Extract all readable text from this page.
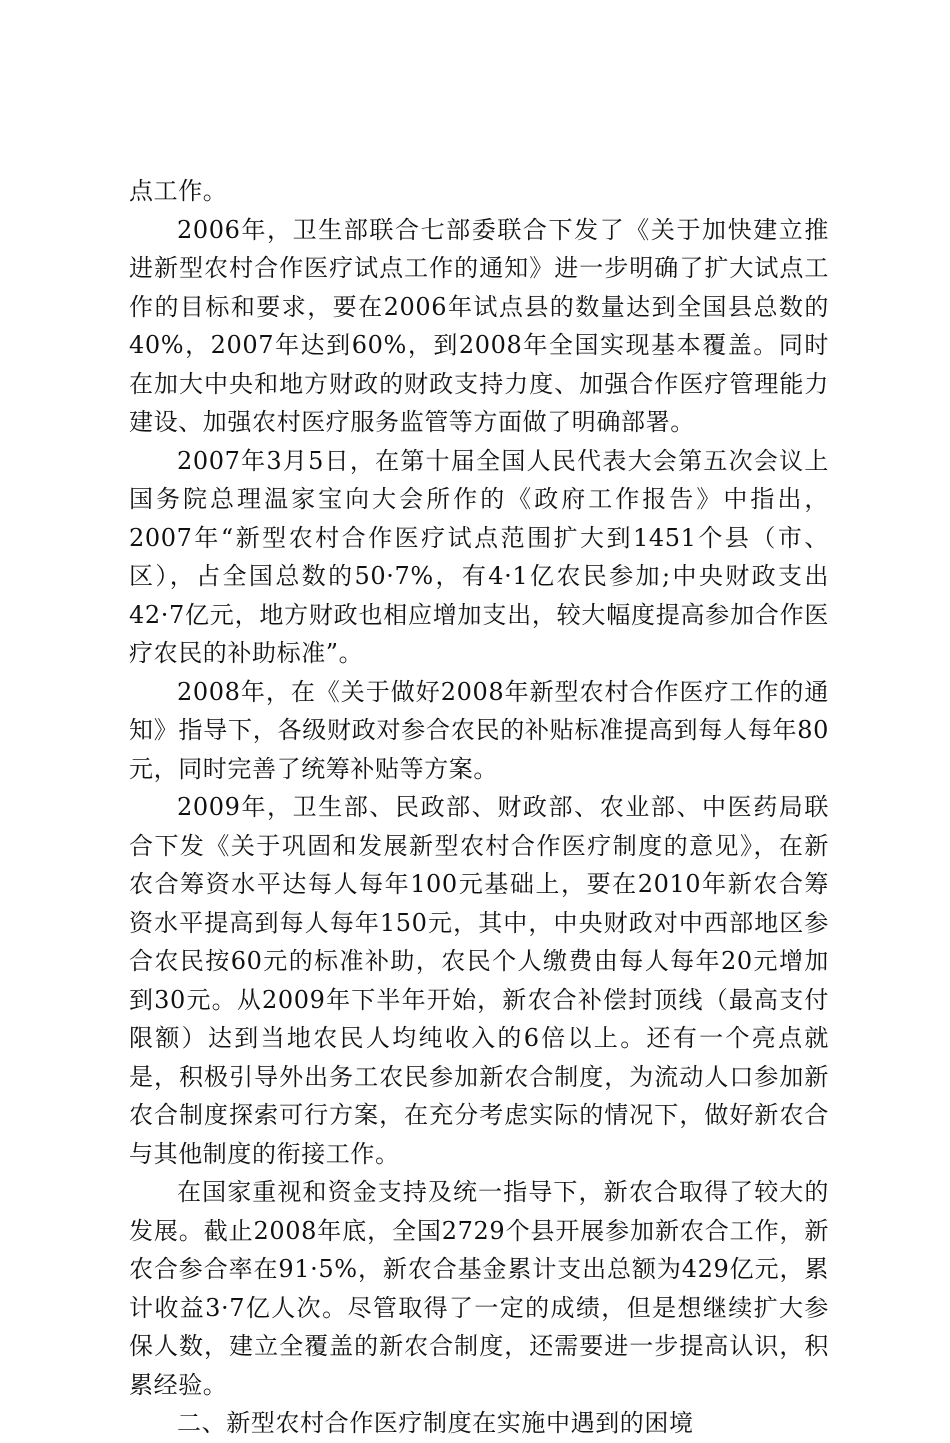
点工作。

2006年，卫生部联合七部委联合下发了《关于加快建立推进新型农村合作医疗试点工作的通知》进一步明确了扩大试点工作的目标和要求，要在2006年试点县的数量达到全国县总数的40%，2007年达到60%，到2008年全国实现基本覆盖。同时在加大中央和地方财政的财政支持力度、加强合作医疗管理能力建设、加强农村医疗服务监管等方面做了明确部署。

2007年3月5日，在第十届全国人民代表大会第五次会议上国务院总理温家宝向大会所作的《政府工作报告》中指出，2007年“新型农村合作医疗试点范围扩大到1451个县（市、区），占全国总数的50·7%，有4·1亿农民参加;中央财政支出42·7亿元，地方财政也相应增加支出，较大幅度提高参加合作医疗农民的补助标准”。

2008年，在《关于做好2008年新型农村合作医疗工作的通知》指导下，各级财政对参合农民的补贴标准提高到每人每年80元，同时完善了统筹补贴等方案。

2009年，卫生部、民政部、财政部、农业部、中医药局联合下发《关于巩固和发展新型农村合作医疗制度的意见》，在新农合筹资水平达每人每年100元基础上，要在2010年新农合筹资水平提高到每人每年150元，其中，中央财政对中西部地区参合农民按60元的标准补助，农民个人缴费由每人每年20元增加到30元。从2009年下半年开始，新农合补偿封顶线（最高支付限额）达到当地农民人均纯收入的6倍以上。还有一个亮点就是，积极引导外出务工农民参加新农合制度，为流动人口参加新农合制度探索可行方案，在充分考虑实际的情况下，做好新农合与其他制度的衔接工作。

在国家重视和资金支持及统一指导下，新农合取得了较大的发展。截止2008年底，全国2729个县开展参加新农合工作，新农合参合率在91·5%，新农合基金累计支出总额为429亿元，累计收益3·7亿人次。尽管取得了一定的成绩，但是想继续扩大参保人数，建立全覆盖的新农合制度，还需要进一步提高认识，积累经验。

二、新型农村合作医疗制度在实施中遇到的困境
